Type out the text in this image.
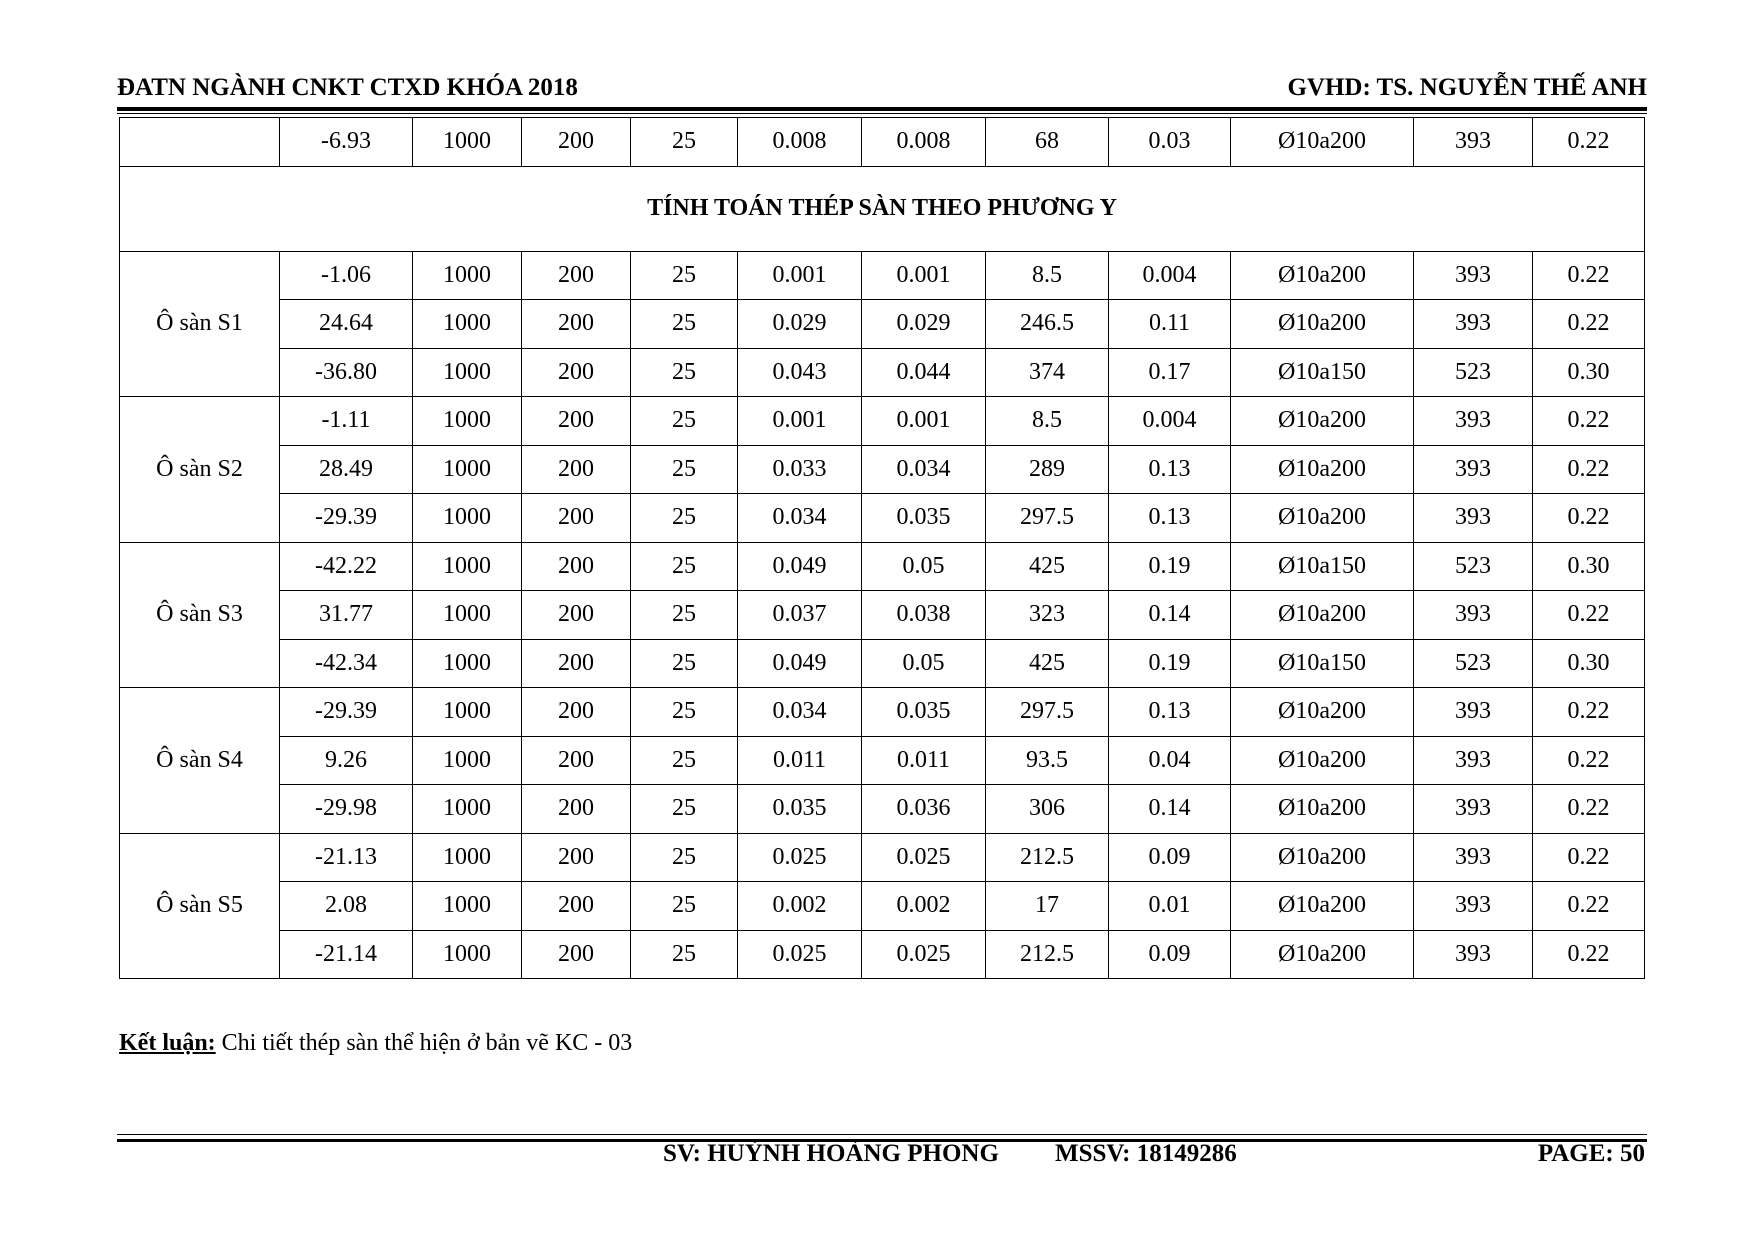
ĐATN NGÀNH CNKT CTXD KHÓA 2018	GVHD: TS. NGUYỄN THẾ ANH
	-6.93	1000	200	25	0.008	0.008	68	0.03	Ø10a200	393	0.22
TÍNH TOÁN THÉP SÀN THEO PHƯƠNG Y											
Ô sàn S1	-1.06	1000	200	25	0.001	0.001	8.5	0.004	Ø10a200	393	0.22
	24.64	1000	200	25	0.029	0.029	246.5	0.11	Ø10a200	393	0.22
	-36.80	1000	200	25	0.043	0.044	374	0.17	Ø10a150	523	0.30
Ô sàn S2	-1.11	1000	200	25	0.001	0.001	8.5	0.004	Ø10a200	393	0.22
	28.49	1000	200	25	0.033	0.034	289	0.13	Ø10a200	393	0.22
	-29.39	1000	200	25	0.034	0.035	297.5	0.13	Ø10a200	393	0.22
Ô sàn S3	-42.22	1000	200	25	0.049	0.05	425	0.19	Ø10a150	523	0.30
	31.77	1000	200	25	0.037	0.038	323	0.14	Ø10a200	393	0.22
	-42.34	1000	200	25	0.049	0.05	425	0.19	Ø10a150	523	0.30
Ô sàn S4	-29.39	1000	200	25	0.034	0.035	297.5	0.13	Ø10a200	393	0.22
	9.26	1000	200	25	0.011	0.011	93.5	0.04	Ø10a200	393	0.22
	-29.98	1000	200	25	0.035	0.036	306	0.14	Ø10a200	393	0.22
Ô sàn S5	-21.13	1000	200	25	0.025	0.025	212.5	0.09	Ø10a200	393	0.22
	2.08	1000	200	25	0.002	0.002	17	0.01	Ø10a200	393	0.22
	-21.14	1000	200	25	0.025	0.025	212.5	0.09	Ø10a200	393	0.22
Kết luận: Chi tiết thép sàn thể hiện ở bản vẽ KC - 03
SV: HUỲNH HOÀNG PHONG MSSV: 18149286	PAGE: 50
